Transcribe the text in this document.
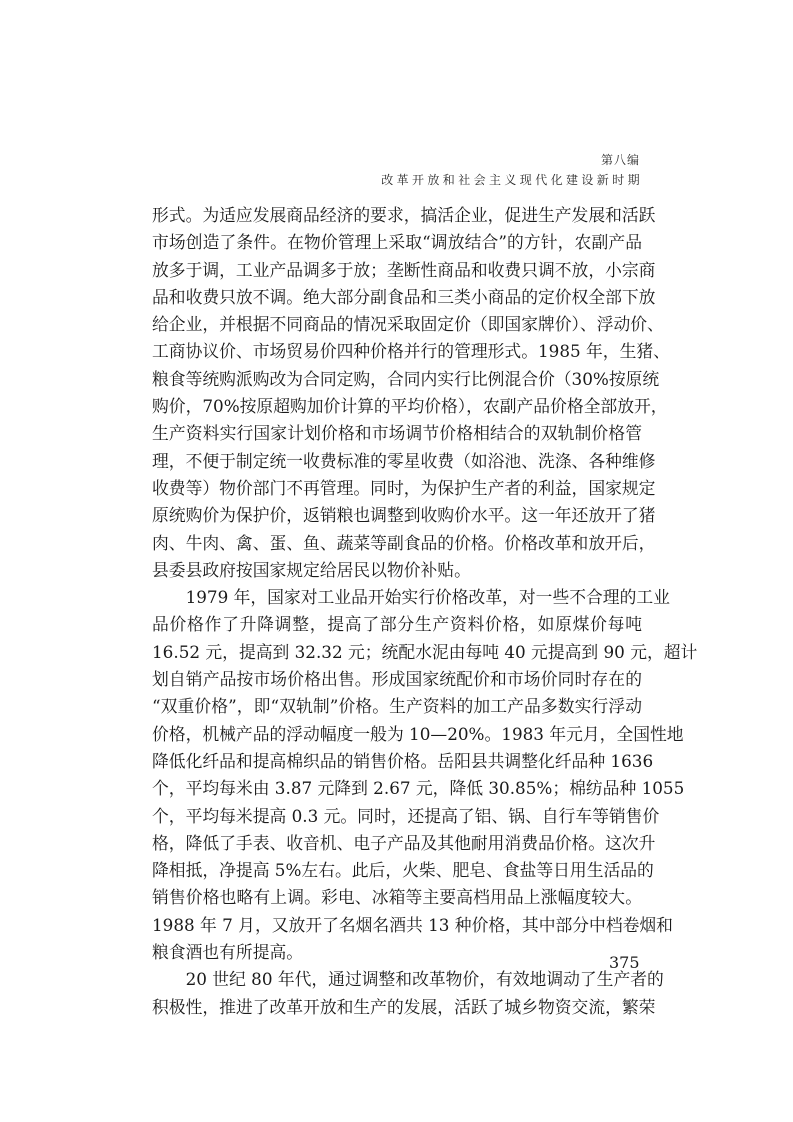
第八编
改革开放和社会主义现代化建设新时期
形式。为适应发展商品经济的要求，搞活企业，促进生产发展和活跃
市场创造了条件。在物价管理上采取“调放结合”的方针，农副产品
放多于调，工业产品调多于放；垄断性商品和收费只调不放，小宗商
品和收费只放不调。绝大部分副食品和三类小商品的定价权全部下放
给企业，并根据不同商品的情况采取固定价（即国家牌价）、浮动价、
工商协议价、市场贸易价四种价格并行的管理形式。1985 年，生猪、
粮食等统购派购改为合同定购，合同内实行比例混合价（30%按原统
购价，70%按原超购加价计算的平均价格），农副产品价格全部放开，
生产资料实行国家计划价格和市场调节价格相结合的双轨制价格管
理，不便于制定统一收费标准的零星收费（如浴池、洗涤、各种维修
收费等）物价部门不再管理。同时，为保护生产者的利益，国家规定
原统购价为保护价，返销粮也调整到收购价水平。这一年还放开了猪
肉、牛肉、禽、蛋、鱼、蔬菜等副食品的价格。价格改革和放开后，
县委县政府按国家规定给居民以物价补贴。
　　1979 年，国家对工业品开始实行价格改革，对一些不合理的工业
品价格作了升降调整，提高了部分生产资料价格，如原煤价每吨
16.52 元，提高到 32.32 元；统配水泥由每吨 40 元提高到 90 元，超计
划自销产品按市场价格出售。形成国家统配价和市场价同时存在的
“双重价格”，即“双轨制”价格。生产资料的加工产品多数实行浮动
价格，机械产品的浮动幅度一般为 10—20%。1983 年元月，全国性地
降低化纤品和提高棉织品的销售价格。岳阳县共调整化纤品种 1636
个，平均每米由 3.87 元降到 2.67 元，降低 30.85%；棉纺品种 1055
个，平均每米提高 0.3 元。同时，还提高了铝、锅、自行车等销售价
格，降低了手表、收音机、电子产品及其他耐用消费品价格。这次升
降相抵，净提高 5%左右。此后，火柴、肥皂、食盐等日用生活品的
销售价格也略有上调。彩电、冰箱等主要高档用品上涨幅度较大。
1988 年 7 月，又放开了名烟名酒共 13 种价格，其中部分中档卷烟和
粮食酒也有所提高。
　　20 世纪 80 年代，通过调整和改革物价，有效地调动了生产者的
积极性，推进了改革开放和生产的发展，活跃了城乡物资交流，繁荣
375
